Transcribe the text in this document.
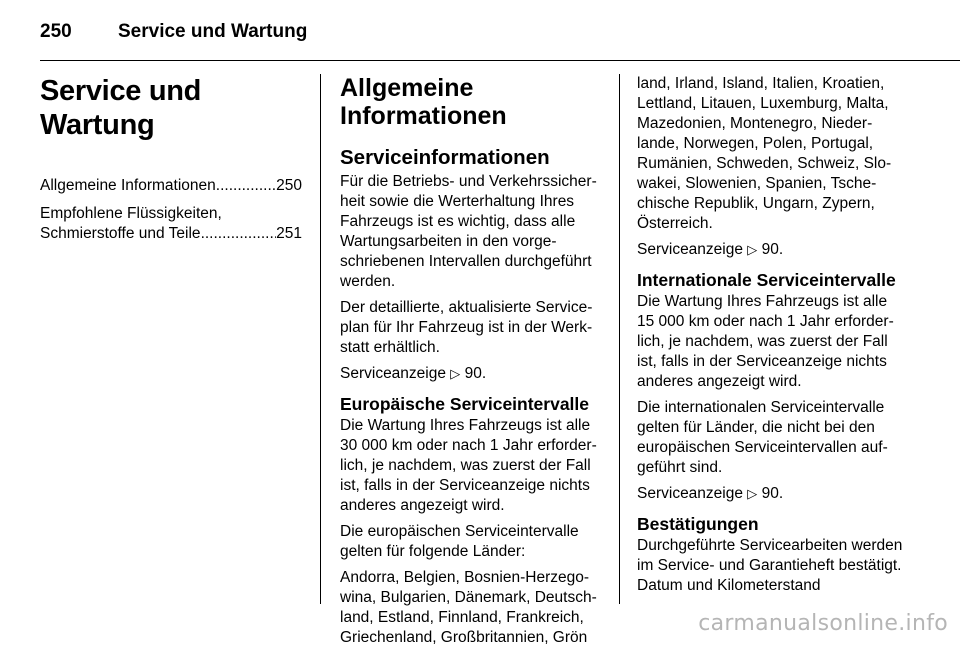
250	Service und Wartung
Service und Wartung
Allgemeine Informationen .....	250
Empfohlene Flüssigkeiten,
Schmierstoffe und Teile .....	251
Allgemeine Informationen
Serviceinformationen

Für die Betriebs- und Verkehrssicherheit sowie die Werterhaltung Ihres Fahrzeugs ist es wichtig, dass alle Wartungsarbeiten in den vorgeschriebenen Intervallen durchgeführt werden.

Der detaillierte, aktualisierte Serviceplan für Ihr Fahrzeug ist in der Werkstatt erhältlich.

Serviceanzeige ▷ 90.

Europäische Serviceintervalle

Die Wartung Ihres Fahrzeugs ist alle 30 000 km oder nach 1 Jahr erforderlich, je nachdem, was zuerst der Fall ist, falls in der Serviceanzeige nichts anderes angezeigt wird.

Die europäischen Serviceintervalle gelten für folgende Länder:

Andorra, Belgien, Bosnien-Herzegowina, Bulgarien, Dänemark, Deutschland, Estland, Finnland, Frankreich, Griechenland, Großbritannien, Grön

land, Irland, Island, Italien, Kroatien, Lettland, Litauen, Luxemburg, Malta, Mazedonien, Montenegro, Niederlande, Norwegen, Polen, Portugal, Rumänien, Schweden, Schweiz, Slowakei, Slowenien, Spanien, Tschechische Republik, Ungarn, Zypern, Österreich.

Serviceanzeige ▷ 90.

Internationale Serviceintervalle

Die Wartung Ihres Fahrzeugs ist alle 15 000 km oder nach 1 Jahr erforderlich, je nachdem, was zuerst der Fall ist, falls in der Serviceanzeige nichts anderes angezeigt wird.

Die internationalen Serviceintervalle gelten für Länder, die nicht bei den europäischen Serviceintervallen aufgeführt sind.

Serviceanzeige ▷ 90.

Bestätigungen

Durchgeführte Servicearbeiten werden im Service- und Garantieheft bestätigt. Datum und Kilometerstand

carmanualsonline.info
